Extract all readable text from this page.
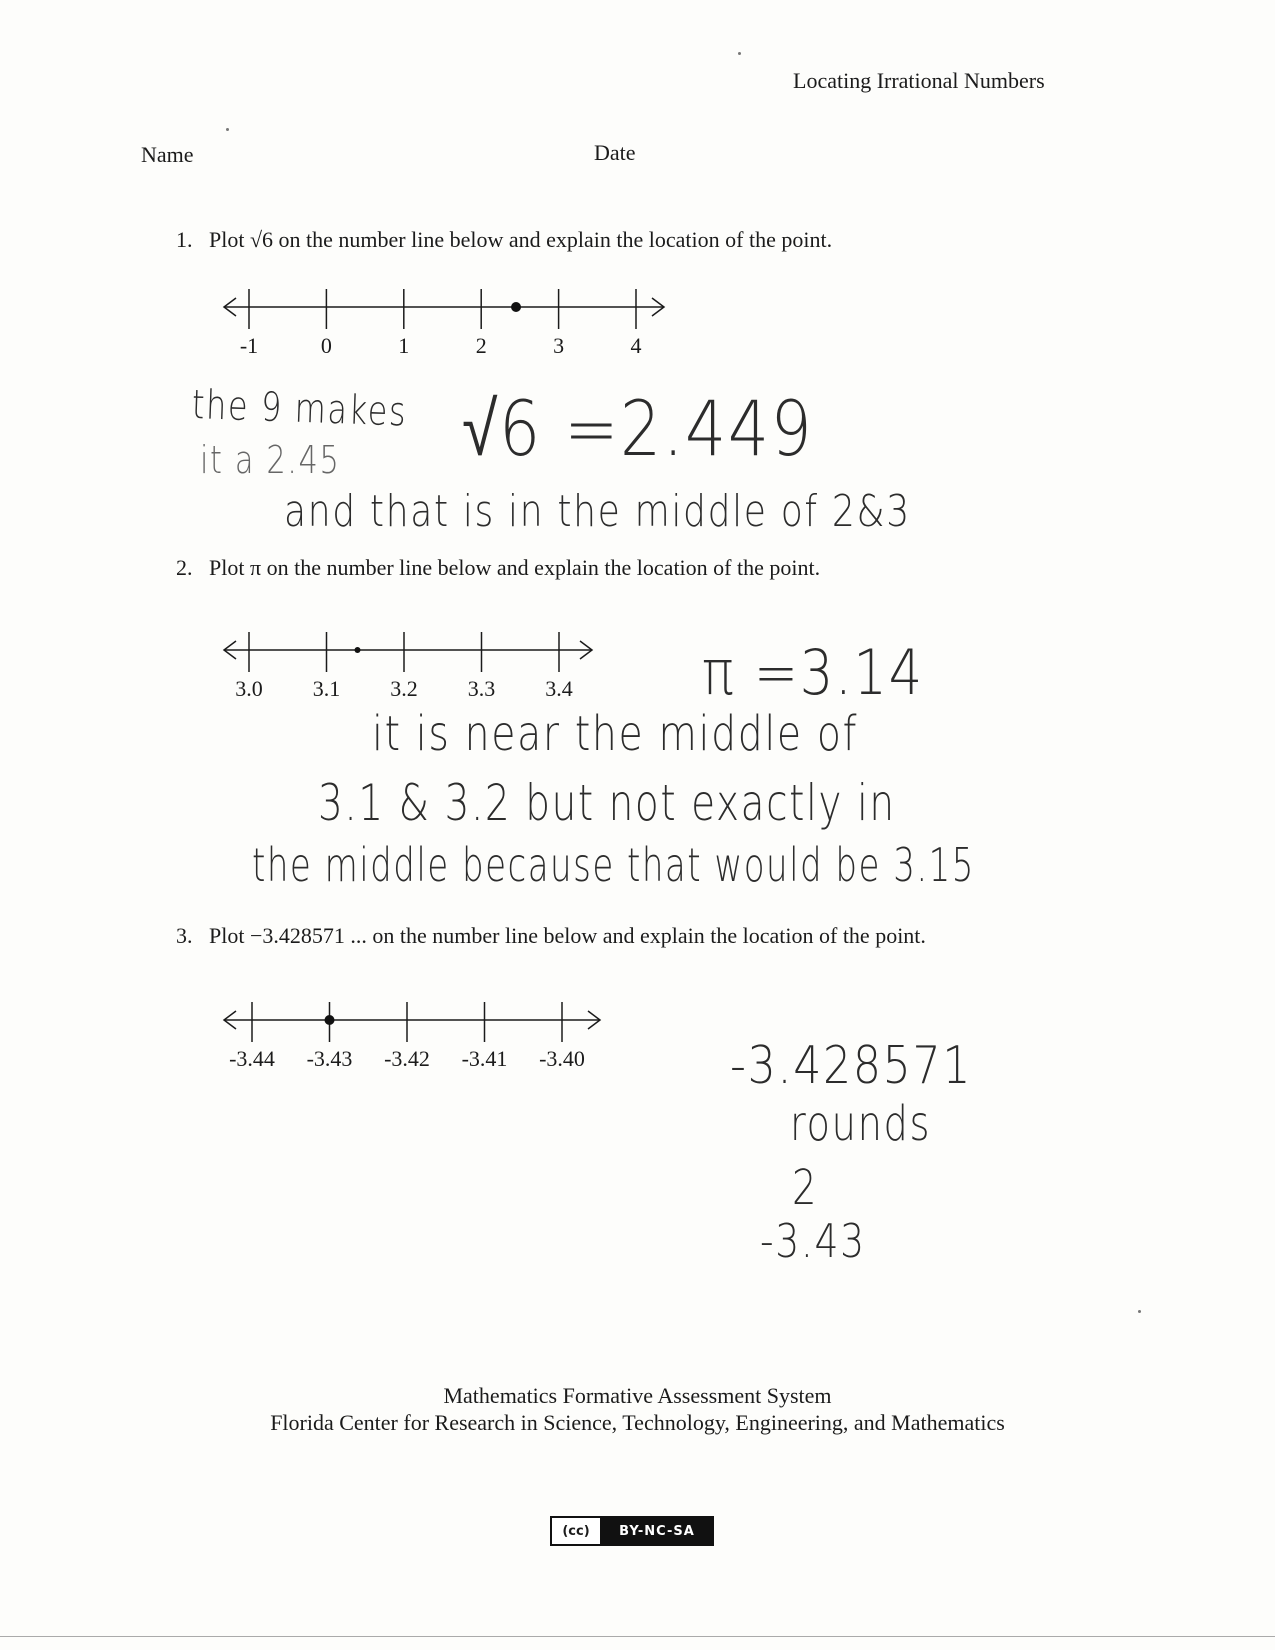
Locating Irrational Numbers
Name	Date
1. Plot √6 on the number line below and explain the location of the point.
-1	0	1	2	3	4
the 9 makes
it a 2.45 √6 =2.449
and that is in the middle of 2&3
2. Plot π on the number line below and explain the location of the point.
3.0 3.1 3.2 3.3 3.4 π =3.14
it is near the middle of
3.1 & 3.2 but not exactly in
the middle because that would be 3.15
3. Plot −3.428571 ... on the number line below and explain the location of the point.
-3.44 -3.43 -3.42 -3.41 -3.40	-3.428571
rounds
2
-3.43
Mathematics Formative Assessment System
Florida Center for Research in Science, Technology, Engineering, and Mathematics
(cc)	BY-NC-SA
